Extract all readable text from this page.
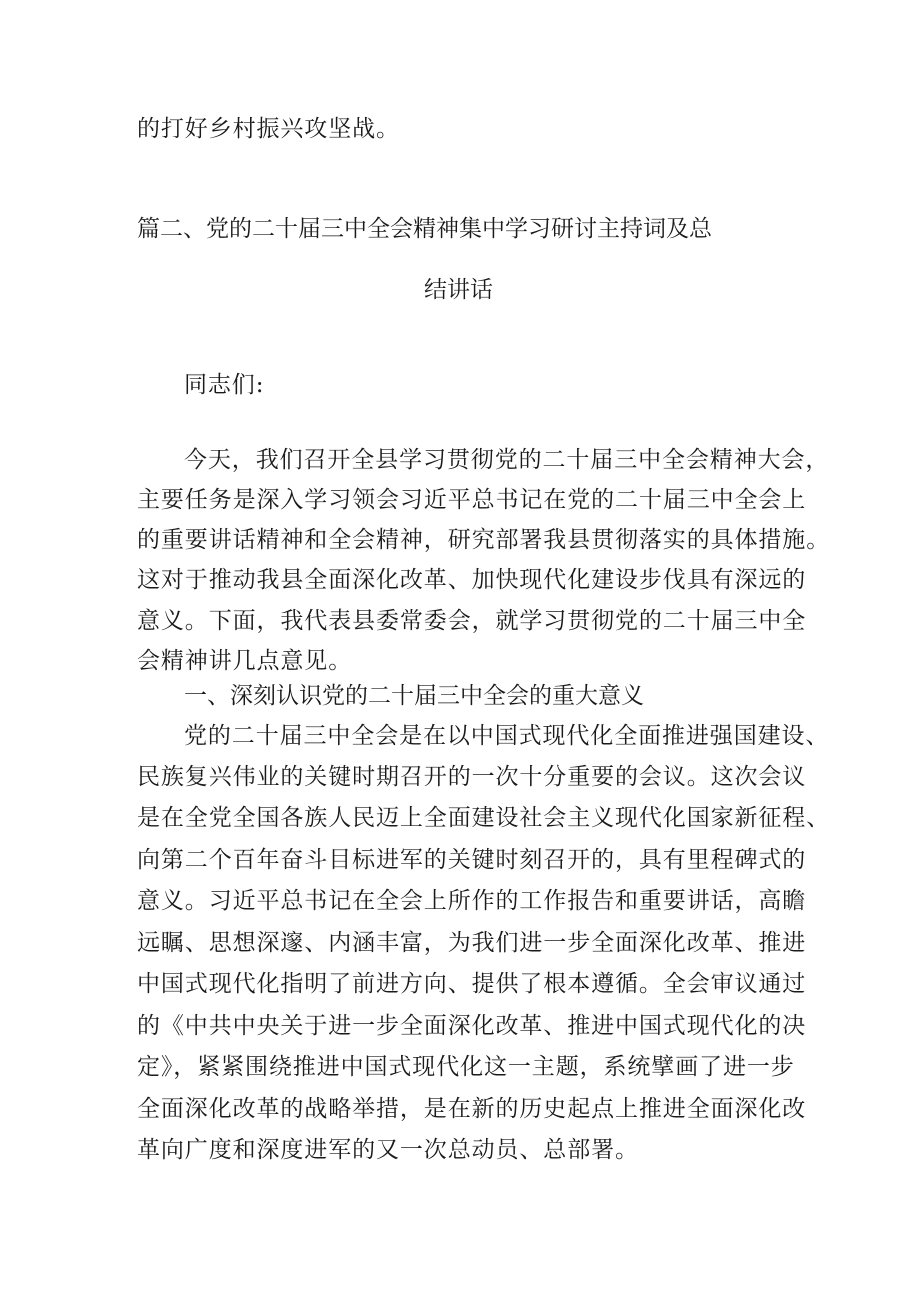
的打好乡村振兴攻坚战。
篇二、党的二十届三中全会精神集中学习研讨主持词及总
结讲话
同志们:
今天，我们召开全县学习贯彻党的二十届三中全会精神大会，
主要任务是深入学习领会习近平总书记在党的二十届三中全会上
的重要讲话精神和全会精神，研究部署我县贯彻落实的具体措施。
这对于推动我县全面深化改革、加快现代化建设步伐具有深远的
意义。下面，我代表县委常委会，就学习贯彻党的二十届三中全
会精神讲几点意见。
一、深刻认识党的二十届三中全会的重大意义
党的二十届三中全会是在以中国式现代化全面推进强国建设、
民族复兴伟业的关键时期召开的一次十分重要的会议。这次会议
是在全党全国各族人民迈上全面建设社会主义现代化国家新征程、
向第二个百年奋斗目标进军的关键时刻召开的，具有里程碑式的
意义。习近平总书记在全会上所作的工作报告和重要讲话，高瞻
远瞩、思想深邃、内涵丰富，为我们进一步全面深化改革、推进
中国式现代化指明了前进方向、提供了根本遵循。全会审议通过
的《中共中央关于进一步全面深化改革、推进中国式现代化的决
定》，紧紧围绕推进中国式现代化这一主题，系统擘画了进一步
全面深化改革的战略举措，是在新的历史起点上推进全面深化改
革向广度和深度进军的又一次总动员、总部署。
